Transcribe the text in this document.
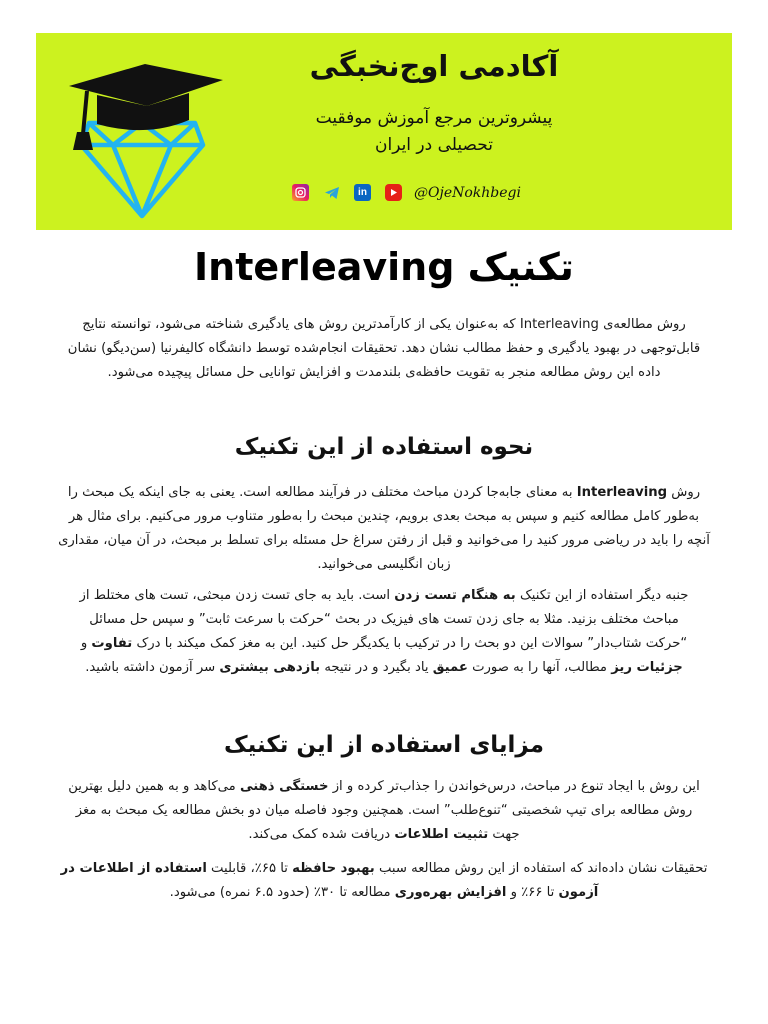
آکادمی اوج‌نخبگی
پیشروترین مرجع آموزش موفقیت
تحصیلی در ایران
in	@OjeNokhbegi
تکنیک Interleaving
روش مطالعه‌ی Interleaving که به‌عنوان یکی از کارآمدترین روش های یادگیری شناخته می‌شود، توانسته نتایج
قابل‌توجهی در بهبود یادگیری و حفظ مطالب نشان دهد. تحقیقات انجام‌شده توسط دانشگاه کالیفرنیا (سن‌دیگو) نشان
داده این روش مطالعه منجر به تقویت حافظه‌ی بلندمدت و افزایش توانایی حل مسائل پیچیده می‌شود.
نحوه استفاده از این تکنیک
روش Interleaving به معنای جابه‌جا کردن مباحث مختلف در فرآیند مطالعه است. یعنی به جای اینکه یک مبحث را
به‌طور کامل مطالعه کنیم و سپس به مبحث بعدی برویم، چندین مبحث را به‌طور متناوب مرور می‌کنیم. برای مثال هر
آنچه را باید در ریاضی مرور کنید را می‌خوانید و قبل از رفتن سراغ حل مسئله برای تسلط بر مبحث، در آن میان، مقداری
زبان انگلیسی می‌خوانید.
جنبه دیگر استفاده از این تکنیک به هنگام تست زدن است. باید به جای تست زدن مبحثی، تست های مختلط از
مباحث مختلف بزنید. مثلا به جای زدن تست های فیزیک در بحث “حرکت با سرعت ثابت” و سپس حل مسائل
“حرکت شتاب‌دار” سوالات این دو بحث را در ترکیب با یکدیگر حل کنید. این به مغز کمک میکند با درک تفاوت و
جزئیات ریز مطالب، آنها را به صورت عمیق یاد بگیرد و در نتیجه بازدهی بیشتری سر آزمون داشته باشید.
مزایای استفاده از این تکنیک
این روش با ایجاد تنوع در مباحث، درس‌خواندن را جذاب‌تر کرده و از خستگی ذهنی می‌کاهد و به همین دلیل بهترین
روش مطالعه برای تیپ شخصیتی “تنوع‌طلب” است. همچنین وجود فاصله میان دو بخش مطالعه یک مبحث به مغز
جهت تثبیت اطلاعات دریافت شده کمک می‌کند.
تحقیقات نشان داده‌اند که استفاده از این روش مطالعه سبب بهبود حافظه تا ۶۵٪، قابلیت استفاده از اطلاعات در
آزمون تا ۶۶٪ و افزایش بهره‌وری مطالعه تا ۳۰٪ (حدود ۶.۵ نمره) می‌شود.
